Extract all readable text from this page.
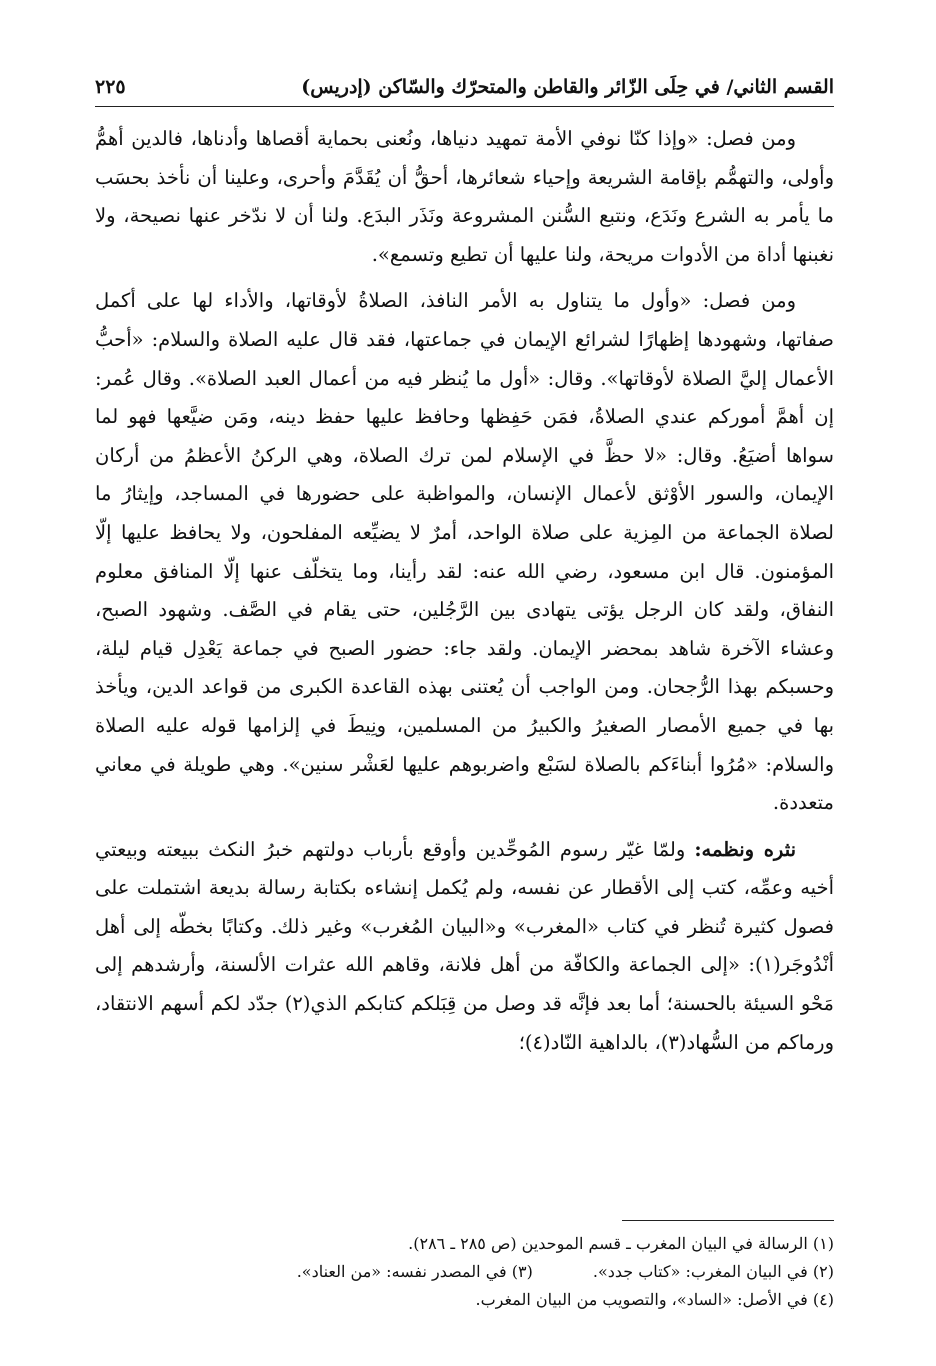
القسم الثاني/ في حِلَى الزّائر والقاطن والمتحرّك والسّاكن (إدريس)
٢٢٥

ومن فصل: «وإذا كنّا نوفي الأمة تمهيد دنياها، ونُعنى بحماية أقصاها وأدناها، فالدين أهمُّ وأولى، والتهمُّم بإقامة الشريعة وإحياء شعائرها، أحقُّ أن يُقَدَّمَ وأحرى، وعلينا أن نأخذ بحسَب ما يأمر به الشرع ونَدَع، ونتبع السُّنن المشروعة ونَذَر البدَع. ولنا أن لا ندّخر عنها نصيحة، ولا نغبنها أداة من الأدوات مريحة، ولنا عليها أن تطيع وتسمع».

ومن فصل: «وأول ما يتناول به الأمر النافذ، الصلاةُ لأوقاتها، والأداء لها على أكمل صفاتها، وشهودها إظهارًا لشرائع الإيمان في جماعتها، فقد قال عليه الصلاة والسلام: «أحبُّ الأعمال إليَّ الصلاة لأوقاتها». وقال: «أول ما يُنظر فيه من أعمال العبد الصلاة». وقال عُمر: إن أهمَّ أموركم عندي الصلاةُ، فمَن حَفِظها وحافظ عليها حفظ دينه، ومَن ضيَّعها فهو لما سواها أضيَعُ. وقال: «لا حظَّ في الإسلام لمن ترك الصلاة، وهي الركنُ الأعظمُ من أركان الإيمان، والسور الأوْثق لأعمال الإنسان، والمواظبة على حضورها في المساجد، وإيثارُ ما لصلاة الجماعة من المِزية على صلاة الواحد، أمرٌ لا يضيِّعه المفلحون، ولا يحافظ عليها إلّا المؤمنون. قال ابن مسعود، رضي الله عنه: لقد رأينا، وما يتخلّف عنها إلّا المنافق معلوم النفاق، ولقد كان الرجل يؤتى يتهادى بين الرَّجُلين، حتى يقام في الصَّف. وشهود الصبح، وعشاء الآخرة شاهد بمحضر الإيمان. ولقد جاء: حضور الصبح في جماعة يَعْدِل قيام ليلة، وحسبكم بهذا الرُّجحان. ومن الواجب أن يُعتنى بهذه القاعدة الكبرى من قواعد الدين، ويأخذ بها في جميع الأمصار الصغيرُ والكبيرُ من المسلمين، ونِيطَ في إلزامها قوله عليه الصلاة والسلام: «مُرُوا أبناءَكم بالصلاة لسَبْع واضربوهم عليها لعَشْر سنين». وهي طويلة في معاني متعددة.

نثره ونظمه: ولمّا غيّر رسوم المُوحِّدين وأوقع بأرباب دولتهم خبرُ النكث ببيعته وبيعتي أخيه وعمِّه، كتب إلى الأقطار عن نفسه، ولم يُكمل إنشاءه بكتابة رسالة بديعة اشتملت على فصول كثيرة تُنظر في كتاب «المغرب» و«البيان المُغرب» وغير ذلك. وكتابًا بخطّه إلى أهل أنْدُوجَر(١): «إلى الجماعة والكافّة من أهل فلانة، وقاهم الله عثرات الألسنة، وأرشدهم إلى مَحْو السيئة بالحسنة؛ أما بعد فإنَّه قد وصل من قِبَلكم كتابكم الذي(٢) جدّد لكم أسهم الانتقاد، ورماكم من السُّهاد(٣)، بالداهية النّاد(٤)؛

(١) الرسالة في البيان المغرب ـ قسم الموحدين (ص ٢٨٥ ـ ٢٨٦).
(٢) في البيان المغرب: «كتاب جدد».
(٣) في المصدر نفسه: «من العناد».
(٤) في الأصل: «الساد»، والتصويب من البيان المغرب.
